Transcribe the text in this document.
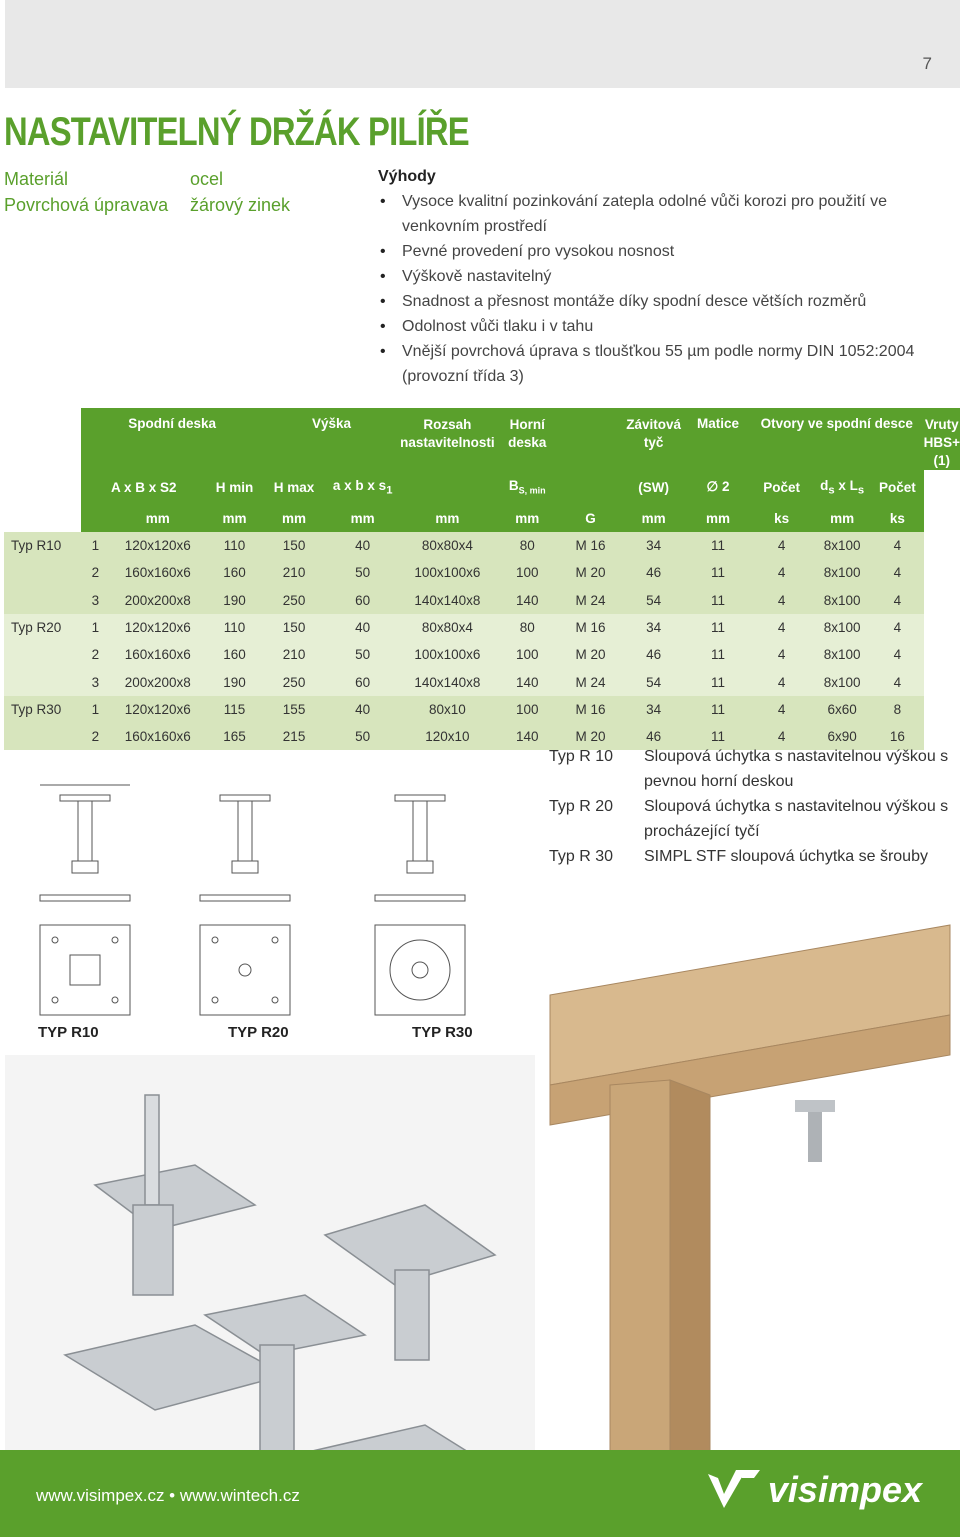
7
NASTAVITELNÝ DRŽÁK PILÍŘE
Materiál	ocel
Povrchová úpravava	žárový zinek
Výhody
• Vysoce kvalitní pozinkování zatepla odolné vůči korozi pro použití ve venkovním prostředí
• Pevné provedení pro vysokou nosnost
• Výškově nastavitelný
• Snadnost a přesnost montáže díky spodní desce větších rozměrů
• Odolnost vůči tlaku i v tahu
• Vnější povrchová úprava s tloušťkou 55 µm podle normy DIN 1052:2004 (provozní třída 3)
	Spodní deska			Výška		Rozsah nastavitelnosti	Horní deska		Závitová tyč	Matice	Otvory ve spodní desce			Vruty HBS+(1)
	A x B x S2		H min	H max	a x b x $s_1$		$B_{S, min}$		(SW)	∅ 2	Počet	$d_s$ x $L_s$	Počet	
		mm	mm	mm	mm	mm	mm	G	mm	mm	ks	mm	ks	
Typ R10	1	120x120x6	110	150	40	80x80x4	80	M 16	34	11	4	8x100	4	
	2	160x160x6	160	210	50	100x100x6	100	M 20	46	11	4	8x100	4	
	3	200x200x8	190	250	60	140x140x8	140	M 24	54	11	4	8x100	4	
Typ R20	1	120x120x6	110	150	40	80x80x4	80	M 16	34	11	4	8x100	4	
	2	160x160x6	160	210	50	100x100x6	100	M 20	46	11	4	8x100	4	
	3	200x200x8	190	250	60	140x140x8	140	M 24	54	11	4	8x100	4	
Typ R30	1	120x120x6	115	155	40	80x10	100	M 16	34	11	4	6x60	8	
	2	160x160x6	165	215	50	120x10	140	M 20	46	11	4	6x90	16	
TYP R10	TYP R20	TYP R30
Typ R 10	Sloupová úchytka s nastavitelnou výškou s pevnou horní deskou
Typ R 20	Sloupová úchytka s nastavitelnou výškou s procházející tyčí
Typ R 30	SIMPL STF sloupová úchytka se šrouby
www.visimpex.cz • www.wintech.cz	visimpex
